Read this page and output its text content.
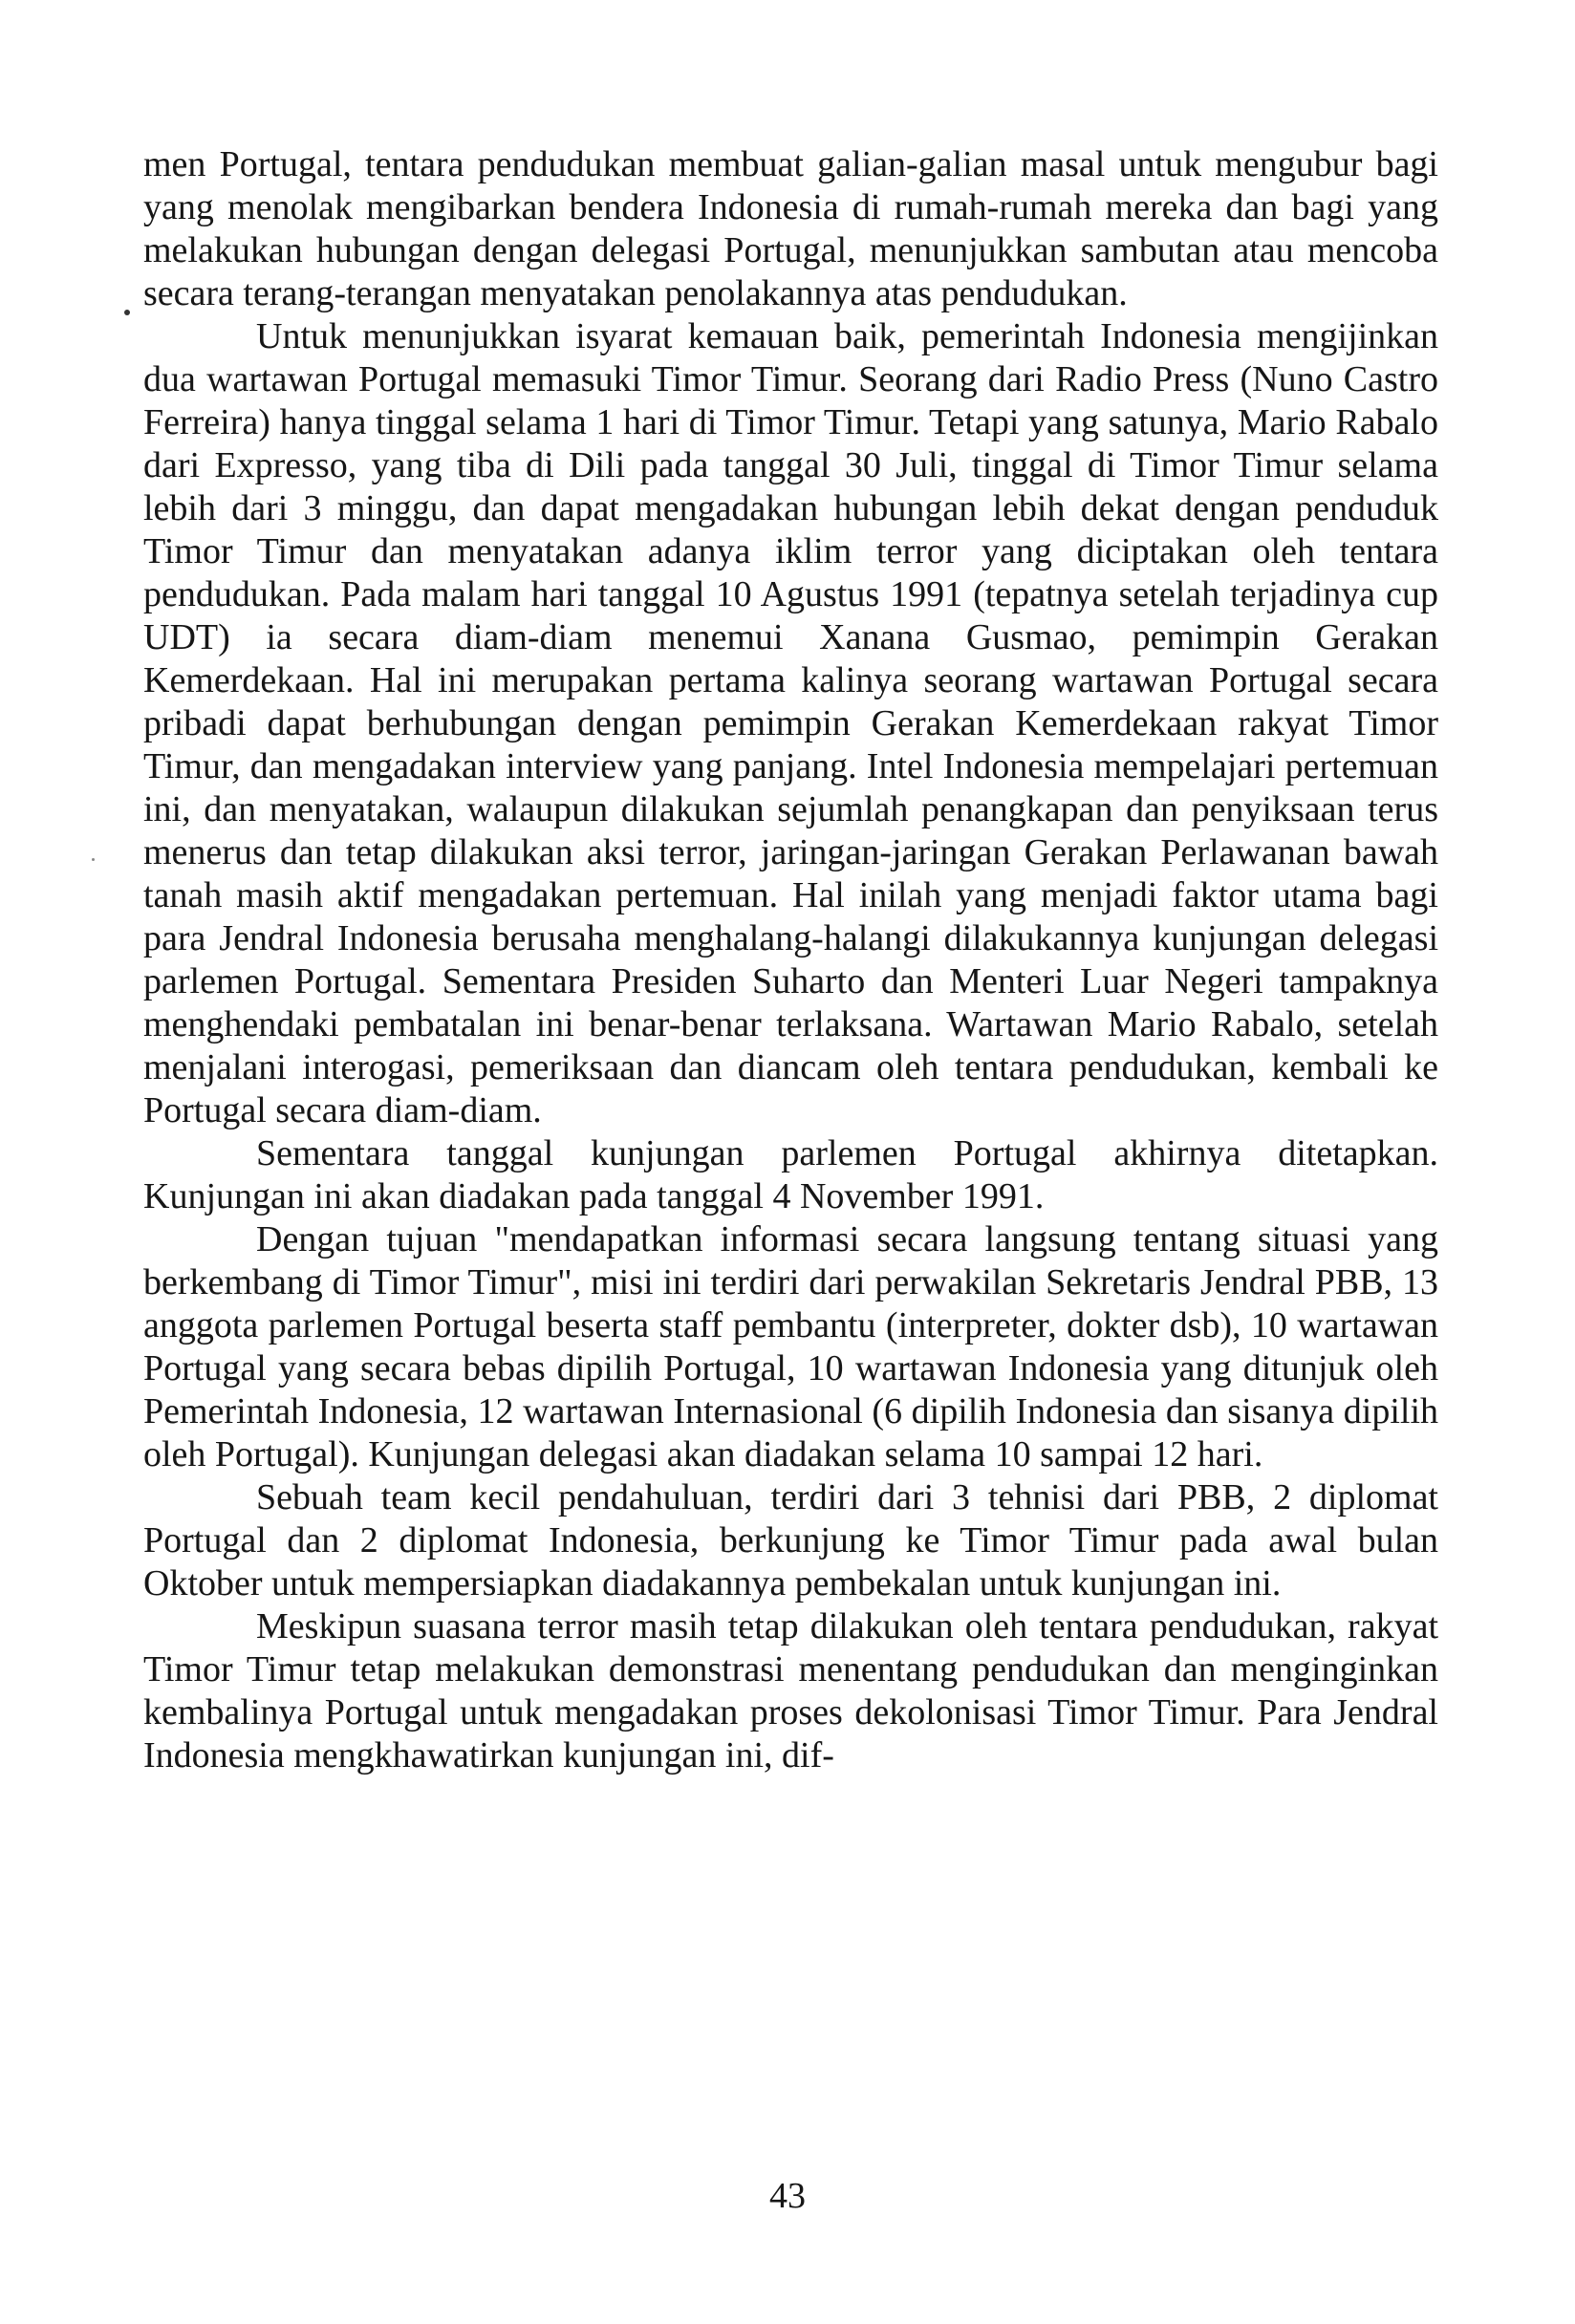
men Portugal, tentara pendudukan membuat galian-galian masal untuk mengubur bagi yang menolak mengibarkan bendera Indonesia di rumah-rumah mereka dan bagi yang melakukan hubungan dengan delegasi Portugal, menunjukkan sambutan atau mencoba secara terang-terangan menyatakan penolakannya atas pendudukan.

Untuk menunjukkan isyarat kemauan baik, pemerintah Indonesia mengijinkan dua wartawan Portugal memasuki Timor Timur. Seorang dari Radio Press (Nuno Castro Ferreira) hanya tinggal selama 1 hari di Timor Timur. Tetapi yang satunya, Mario Rabalo dari Expresso, yang tiba di Dili pada tanggal 30 Juli, tinggal di Timor Timur selama lebih dari 3 minggu, dan dapat mengadakan hubungan lebih dekat dengan penduduk Timor Timur dan menyatakan adanya iklim terror yang diciptakan oleh tentara pendudukan. Pada malam hari tanggal 10 Agustus 1991 (tepatnya setelah terjadinya cup UDT) ia secara diam-diam menemui Xanana Gusmao, pemimpin Gerakan Kemerdekaan. Hal ini merupakan pertama kalinya seorang wartawan Portugal secara pribadi dapat berhubungan dengan pemimpin Gerakan Kemerdekaan rakyat Timor Timur, dan mengadakan interview yang panjang. Intel Indonesia mempelajari pertemuan ini, dan menyatakan, walaupun dilakukan sejumlah penangkapan dan penyiksaan terus menerus dan tetap dilakukan aksi terror, jaringan-jaringan Gerakan Perlawanan bawah tanah masih aktif mengadakan pertemuan. Hal inilah yang menjadi faktor utama bagi para Jendral Indonesia berusaha menghalang-halangi dilakukannya kunjungan delegasi parlemen Portugal. Sementara Presiden Suharto dan Menteri Luar Negeri tampaknya menghendaki pembatalan ini benar-benar terlaksana. Wartawan Mario Rabalo, setelah menjalani interogasi, pemeriksaan dan diancam oleh tentara pendudukan, kembali ke Portugal secara diam-diam.

Sementara tanggal kunjungan parlemen Portugal akhirnya ditetapkan. Kunjungan ini akan diadakan pada tanggal 4 November 1991.

Dengan tujuan "mendapatkan informasi secara langsung tentang situasi yang berkembang di Timor Timur", misi ini terdiri dari perwakilan Sekretaris Jendral PBB, 13 anggota parlemen Portugal beserta staff pembantu (interpreter, dokter dsb), 10 wartawan Portugal yang secara bebas dipilih Portugal, 10 wartawan Indonesia yang ditunjuk oleh Pemerintah Indonesia, 12 wartawan Internasional (6 dipilih Indonesia dan sisanya dipilih oleh Portugal). Kunjungan delegasi akan diadakan selama 10 sampai 12 hari.

Sebuah team kecil pendahuluan, terdiri dari 3 tehnisi dari PBB, 2 diplomat Portugal dan 2 diplomat Indonesia, berkunjung ke Timor Timur pada awal bulan Oktober untuk mempersiapkan diadakannya pembekalan untuk kunjungan ini.

Meskipun suasana terror masih tetap dilakukan oleh tentara pendudukan, rakyat Timor Timur tetap melakukan demonstrasi menentang pendudukan dan menginginkan kembalinya Portugal untuk mengadakan proses dekolonisasi Timor Timur. Para Jendral Indonesia mengkhawatirkan kunjungan ini, dif-

43
